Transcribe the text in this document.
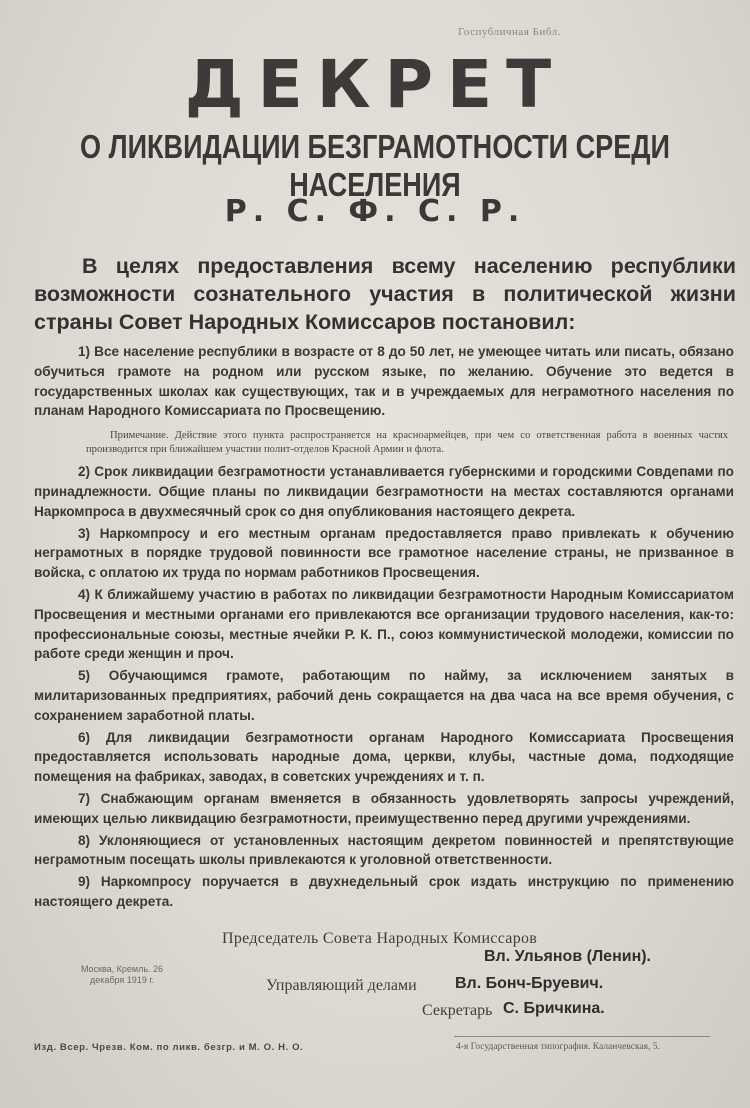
Госпубличная Библ.
ДЕКРЕТ
О ЛИКВИДАЦИИ БЕЗГРАМОТНОСТИ СРЕДИ НАСЕЛЕНИЯ
Р. С. Ф. С. Р.
В целях предоставления всему населению республики возможности сознательного участия в политической жизни страны Совет Народных Комиссаров постановил:

1) Все население республики в возрасте от 8 до 50 лет, не умеющее читать или писать, обязано обучиться грамоте на родном или русском языке, по желанию. Обучение это ведется в государственных школах как существующих, так и в учреждаемых для неграмотного населения по планам Народного Комиссариата по Просвещению.

Примечание. Действие этого пункта распространяется на красноармейцев, при чем со ответственная работа в военных частях производится при ближайшем участии полит-отделов Красной Армии и флота.

2) Срок ликвидации безграмотности устанавливается губернскими и городскими Совдепами по принадлежности. Общие планы по ликвидации безграмотности на местах составляются органами Наркомпроса в двухмесячный срок со дня опубликования настоящего декрета.

3) Наркомпросу и его местным органам предоставляется право привлекать к обучению неграмотных в порядке трудовой повинности все грамотное население страны, не призванное в войска, с оплатою их труда по нормам работников Просвещения.

4) К ближайшему участию в работах по ликвидации безграмотности Народным Комиссариатом Просвещения и местными органами его привлекаются все организации трудового населения, как-то: профессиональные союзы, местные ячейки Р. К. П., союз коммунистической молодежи, комиссии по работе среди женщин и проч.

5) Обучающимся грамоте, работающим по найму, за исключением занятых в милитаризованных предприятиях, рабочий день сокращается на два часа на все время обучения, с сохранением заработной платы.

6) Для ликвидации безграмотности органам Народного Комиссариата Просвещения предоставляется использовать народные дома, церкви, клубы, частные дома, подходящие помещения на фабриках, заводах, в советских учреждениях и т. п.

7) Снабжающим органам вменяется в обязанность удовлетворять запросы учреждений, имеющих целью ликвидацию безграмотности, преимущественно перед другими учреждениями.

8) Уклоняющиеся от установленных настоящим декретом повинностей и препятствующие неграмотным посещать школы привлекаются к уголовной ответственности.

9) Наркомпросу поручается в двухнедельный срок издать инструкцию по применению настоящего декрета.

Председатель Совета Народных Комиссаров
Вл. Ульянов (Ленин).
Москва, Кремль. 26 декабря 1919 г.	Управляющий делами Вл. Бонч-Бруевич.
Секретарь С. Бричкина.
Изд. Всер. Чрезв. Ком. по ликв. безгр. и М. О. Н. О.	4-я Государственная типография. Каланчевская, 5.
